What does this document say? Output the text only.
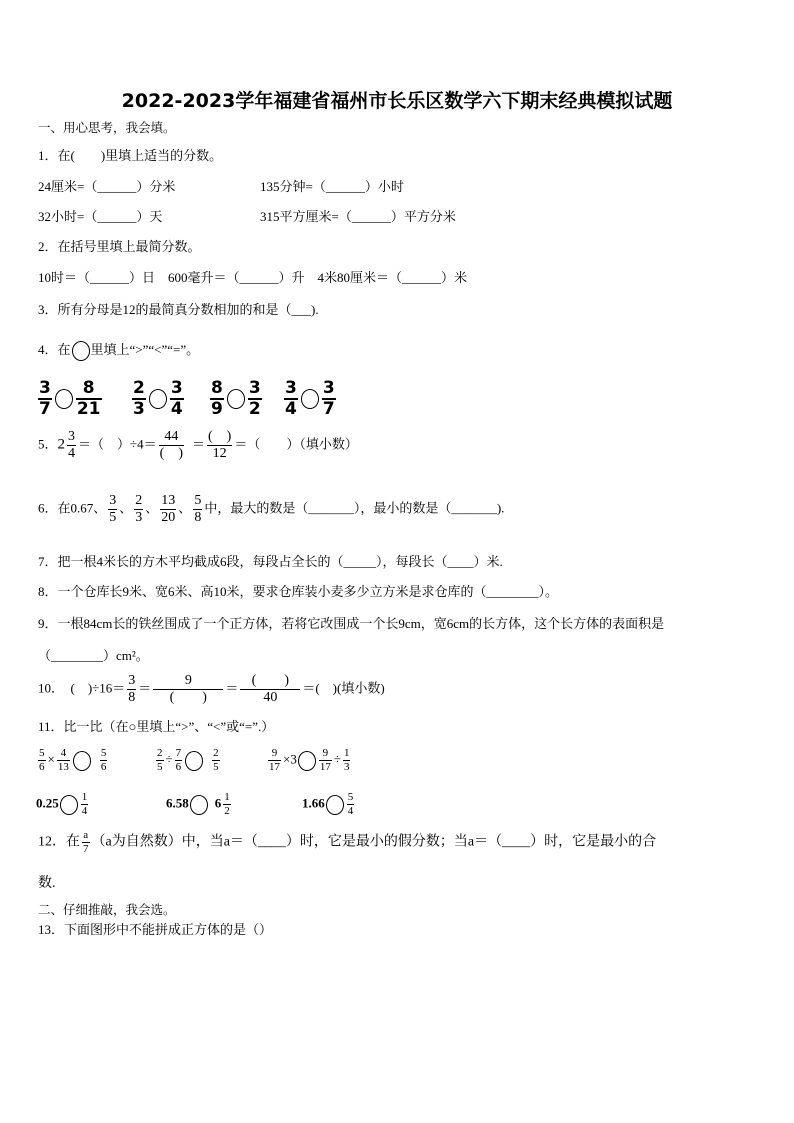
2022-2023学年福建省福州市长乐区数学六下期末经典模拟试题
一、用心思考，我会填。
1．在(　　)里填上适当的分数。
24厘米=（______）分米	135分钟=（______）小时
32小时=（______）天	315平方厘米=（______）平方分米
2．在括号里填上最简分数。
10时＝（______）日　600毫升＝（______）升　4米80厘米＝（______）米
3．所有分母是12的最简真分数相加的和是（___).
4．在 里填上“>”“<”“=”。
$\frac{3}{7} \frac{8}{21} \frac{2}{3} \frac{3}{4} \frac{8}{9} \frac{3}{2} \frac{3}{4} \frac{3}{7}$
5．$2 \frac{3}{4}$ ＝（　）$\div 4= \frac{44}{( )} = \frac{( )}{12}$ ＝（　　）（填小数）
6．在0.67、 $\frac{3}{5}$ 、 $\frac{2}{3}$ 、 $\frac{13}{20}$ 、 $\frac{5}{8}$ 中，最大的数是（_______），最小的数是（_______).
7．把一根4米长的方木平均截成6段，每段占全长的（_____），每段长（____）米.
8．一个仓库长9米、宽6米、高10米，要求仓库装小麦多少立方米是求仓库的（________）。
9．一根84cm长的铁丝围成了一个正方体，若将它改围成一个长9cm，宽6cm的长方体，这个长方体的表面积是
（________）cm²。
10．　(　)$\div 16= \frac{3}{8} = \frac{9}{( )} = \frac{( )}{40}$ ＝(　)(填小数)
11．比一比（在○里填上“>”、“<”或“=”.）
$\frac{5}{6} \times \frac{4}{13}$	$\frac{5}{6}$	$\frac{2}{5} \div \frac{7}{6}$	$\frac{2}{5}$	$\frac{9}{17} \times 3 \frac{9}{17} \div \frac{1}{3}$
$0.25 \frac{1}{4}$	6.58 $6 \frac{1}{2}$	$1.66 \frac{5}{4}$
12．在 $\frac{a}{7} (a$为自然数）中，当a＝（____）时，它是最小的假分数；当a＝（____）时，它是最小的合
数.
二、仔细推敲，我会选。
13．下面图形中不能拼成正方体的是（）
